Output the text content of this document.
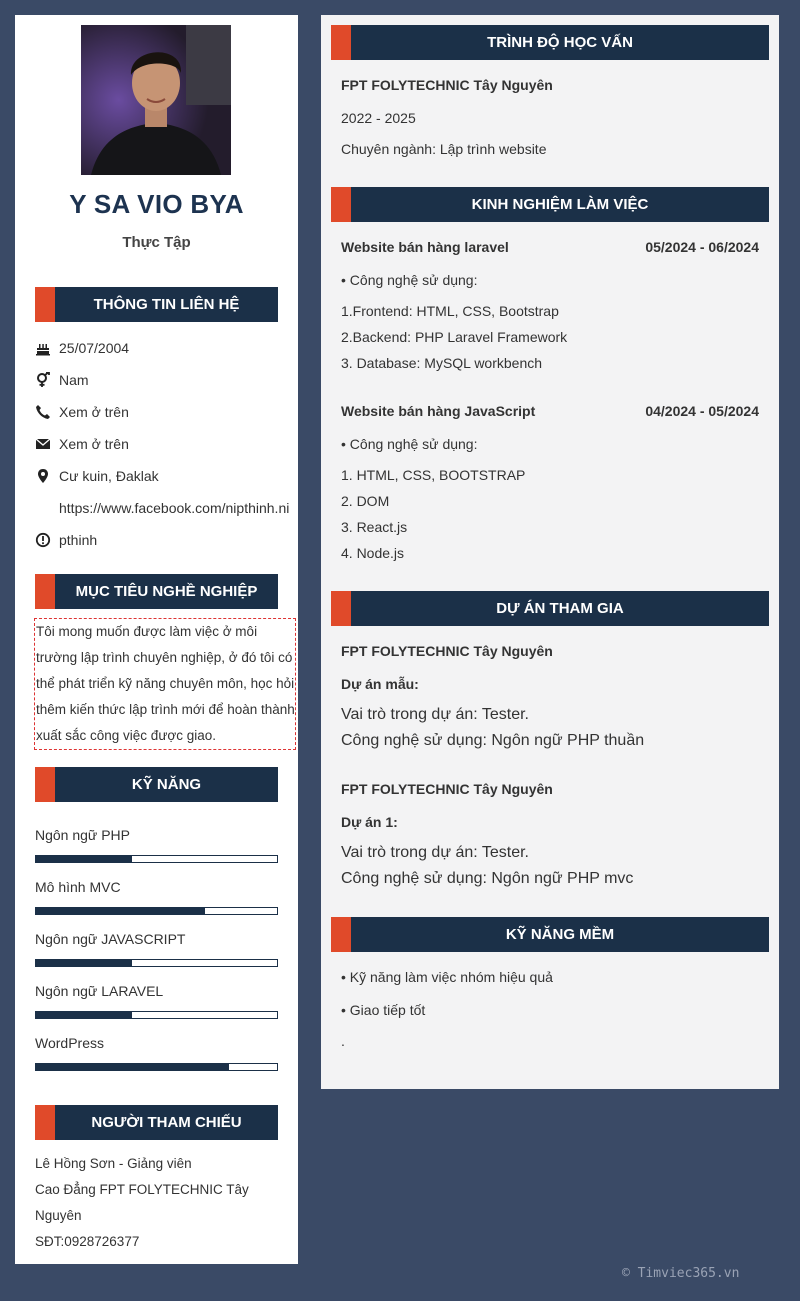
Y SA VIO BYA
Thực Tập
THÔNG TIN LIÊN HỆ
25/07/2004
Nam
Xem ở trên
Xem ở trên
Cư kuin, Đaklak
https://www.facebook.com/nipthinh.nipthinh
MỤC TIÊU NGHỀ NGHIỆP
Tôi mong muốn được làm việc ở môi trường lập trình chuyên nghiệp, ở đó tôi có thể phát triển kỹ năng chuyên môn, học hỏi thêm kiến thức lập trình mới để hoàn thành xuất sắc công việc được giao.
KỸ NĂNG
Ngôn ngữ PHP
Mô hình MVC
Ngôn ngữ JAVASCRIPT
Ngôn ngữ LARAVEL
WordPress
NGƯỜI THAM CHIẾU
Lê Hồng Sơn - Giảng viên
Cao Đẳng FPT FOLYTECHNIC Tây Nguyên
SĐT:0928726377
TRÌNH ĐỘ HỌC VẤN
FPT FOLYTECHNIC Tây Nguyên
2022 - 2025
Chuyên ngành: Lập trình website
KINH NGHIỆM LÀM VIỆC
Website bán hàng laravel	05/2024 - 06/2024
• Công nghệ sử dụng:
1.Frontend: HTML, CSS, Bootstrap
2.Backend: PHP Laravel Framework
3. Database: MySQL workbench
Website bán hàng JavaScript	04/2024 - 05/2024
• Công nghệ sử dụng:
1. HTML, CSS, BOOTSTRAP
2. DOM
3. React.js
4. Node.js
DỰ ÁN THAM GIA
FPT FOLYTECHNIC Tây Nguyên
Dự án mẫu:
Vai trò trong dự án: Tester.
Công nghệ sử dụng: Ngôn ngữ PHP thuần
FPT FOLYTECHNIC Tây Nguyên
Dự án 1:
Vai trò trong dự án: Tester.
Công nghệ sử dụng: Ngôn ngữ PHP mvc
KỸ NĂNG MỀM
• Kỹ năng làm việc nhóm hiệu quả
• Giao tiếp tốt
.
© Timviec365.vn
